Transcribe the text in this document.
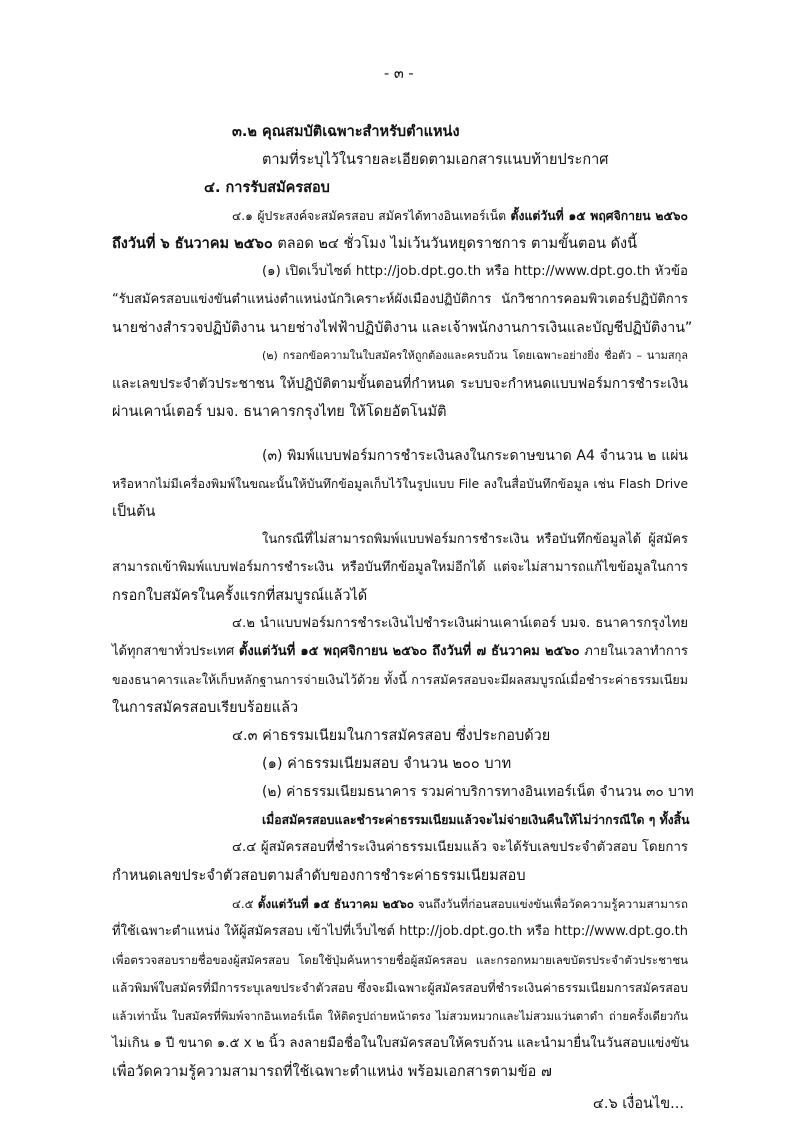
- ๓ -
๓.๒ คุณสมบัติเฉพาะสำหรับตำแหน่ง
ตามที่ระบุไว้ในรายละเอียดตามเอกสารแนบท้ายประกาศ
๔. การรับสมัครสอบ
๔.๑ ผู้ประสงค์จะสมัครสอบ สมัครได้ทางอินเทอร์เน็ต ตั้งแต่วันที่ ๑๕ พฤศจิกายน ๒๕๖๐
ถึงวันที่ ๖ ธันวาคม ๒๕๖๐ ตลอด ๒๔ ชั่วโมง ไม่เว้นวันหยุดราชการ ตามขั้นตอน ดังนี้
(๑) เปิดเว็บไซต์ http://job.dpt.go.th หรือ http://www.dpt.go.th หัวข้อ
“รับสมัครสอบแข่งขันตำแหน่งตำแหน่งนักวิเคราะห์ผังเมืองปฏิบัติการ นักวิชาการคอมพิวเตอร์ปฏิบัติการ
นายช่างสำรวจปฏิบัติงาน นายช่างไฟฟ้าปฏิบัติงาน และเจ้าพนักงานการเงินและบัญชีปฏิบัติงาน”
(๒) กรอกข้อความในใบสมัครให้ถูกต้องและครบถ้วน โดยเฉพาะอย่างยิ่ง ชื่อตัว – นามสกุล
และเลขประจำตัวประชาชน ให้ปฏิบัติตามขั้นตอนที่กำหนด ระบบจะกำหนดแบบฟอร์มการชำระเงิน
ผ่านเคาน์เตอร์ บมจ. ธนาคารกรุงไทย ให้โดยอัตโนมัติ
(๓) พิมพ์แบบฟอร์มการชำระเงินลงในกระดาษขนาด A4 จำนวน ๒ แผ่น
หรือหากไม่มีเครื่องพิมพ์ในขณะนั้นให้บันทึกข้อมูลเก็บไว้ในรูปแบบ File ลงในสื่อบันทึกข้อมูล เช่น Flash Drive
เป็นต้น
ในกรณีที่ไม่สามารถพิมพ์แบบฟอร์มการชำระเงิน หรือบันทึกข้อมูลได้ ผู้สมัคร
สามารถเข้าพิมพ์แบบฟอร์มการชำระเงิน หรือบันทึกข้อมูลใหม่อีกได้ แต่จะไม่สามารถแก้ไขข้อมูลในการ
กรอกใบสมัครในครั้งแรกที่สมบูรณ์แล้วได้
๔.๒ นำแบบฟอร์มการชำระเงินไปชำระเงินผ่านเคาน์เตอร์ บมจ. ธนาคารกรุงไทย
ได้ทุกสาขาทั่วประเทศ ตั้งแต่วันที่ ๑๕ พฤศจิกายน ๒๕๖๐ ถึงวันที่ ๗ ธันวาคม ๒๕๖๐ ภายในเวลาทำการ
ของธนาคารและให้เก็บหลักฐานการจ่ายเงินไว้ด้วย ทั้งนี้ การสมัครสอบจะมีผลสมบูรณ์เมื่อชำระค่าธรรมเนียม
ในการสมัครสอบเรียบร้อยแล้ว
๔.๓ ค่าธรรมเนียมในการสมัครสอบ ซึ่งประกอบด้วย
(๑) ค่าธรรมเนียมสอบ จำนวน ๒๐๐ บาท
(๒) ค่าธรรมเนียมธนาคาร รวมค่าบริการทางอินเทอร์เน็ต จำนวน ๓๐ บาท
เมื่อสมัครสอบและชำระค่าธรรมเนียมแล้วจะไม่จ่ายเงินคืนให้ไม่ว่ากรณีใด ๆ ทั้งสิ้น
๔.๔ ผู้สมัครสอบที่ชำระเงินค่าธรรมเนียมแล้ว จะได้รับเลขประจำตัวสอบ โดยการ
กำหนดเลขประจำตัวสอบตามลำดับของการชำระค่าธรรมเนียมสอบ
๔.๕ ตั้งแต่วันที่ ๑๕ ธันวาคม ๒๕๖๐ จนถึงวันที่ก่อนสอบแข่งขันเพื่อวัดความรู้ความสามารถ
ที่ใช้เฉพาะตำแหน่ง ให้ผู้สมัครสอบ เข้าไปที่เว็บไซต์ http://job.dpt.go.th หรือ http://www.dpt.go.th
เพื่อตรวจสอบรายชื่อของผู้สมัครสอบ โดยใช้ปุ่มค้นหารายชื่อผู้สมัครสอบ และกรอกหมายเลขบัตรประจำตัวประชาชน
แล้วพิมพ์ใบสมัครที่มีการระบุเลขประจำตัวสอบ ซึ่งจะมีเฉพาะผู้สมัครสอบที่ชำระเงินค่าธรรมเนียมการสมัครสอบ
แล้วเท่านั้น ใบสมัครที่พิมพ์จากอินเทอร์เน็ต ให้ติดรูปถ่ายหน้าตรง ไม่สวมหมวกและไม่สวมแว่นตาดำ ถ่ายครั้งเดียวกัน
ไม่เกิน ๑ ปี ขนาด ๑.๕ x ๒ นิ้ว ลงลายมือชื่อในใบสมัครสอบให้ครบถ้วน และนำมายื่นในวันสอบแข่งขัน
เพื่อวัดความรู้ความสามารถที่ใช้เฉพาะตำแหน่ง พร้อมเอกสารตามข้อ ๗
๔.๖ เงื่อนไข...
